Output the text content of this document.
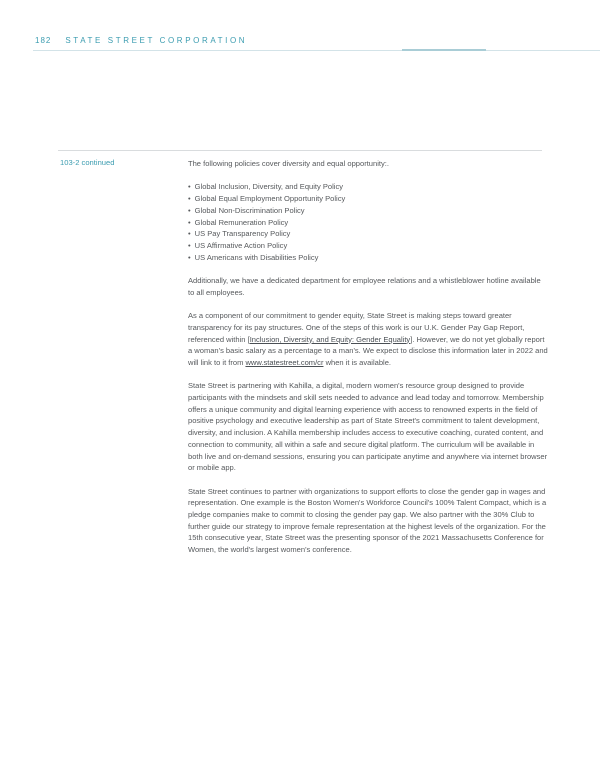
182 STATE STREET CORPORATION
103-2 continued	The following policies cover diversity and equal opportunity:.

• Global Inclusion, Diversity, and Equity Policy
• Global Equal Employment Opportunity Policy
• Global Non-Discrimination Policy
• Global Remuneration Policy
• US Pay Transparency Policy
• US Affirmative Action Policy
• US Americans with Disabilities Policy

Additionally, we have a dedicated department for employee relations and a whistleblower hotline available to all employees.

As a component of our commitment to gender equity, State Street is making steps toward greater transparency for its pay structures. One of the steps of this work is our U.K. Gender Pay Gap Report, referenced within [Inclusion, Diversity, and Equity: Gender Equality]. However, we do not yet globally report a woman's basic salary as a percentage to a man's. We expect to disclose this information later in 2022 and will link to it from www.statestreet.com/cr when it is available.

State Street is partnering with Kahilla, a digital, modern women's resource group designed to provide participants with the mindsets and skill sets needed to advance and lead today and tomorrow. Membership offers a unique community and digital learning experience with access to renowned experts in the field of positive psychology and executive leadership as part of State Street's commitment to talent development, diversity, and inclusion. A Kahilla membership includes access to executive coaching, curated content, and connection to community, all within a safe and secure digital platform. The curriculum will be available in both live and on-demand sessions, ensuring you can participate anytime and anywhere via internet browser or mobile app.

State Street continues to partner with organizations to support efforts to close the gender gap in wages and representation. One example is the Boston Women's Workforce Council's 100% Talent Compact, which is a pledge companies make to commit to closing the gender pay gap. We also partner with the 30% Club to further guide our strategy to improve female representation at the highest levels of the organization. For the 15th consecutive year, State Street was the presenting sponsor of the 2021 Massachusetts Conference for Women, the world's largest women's conference.
